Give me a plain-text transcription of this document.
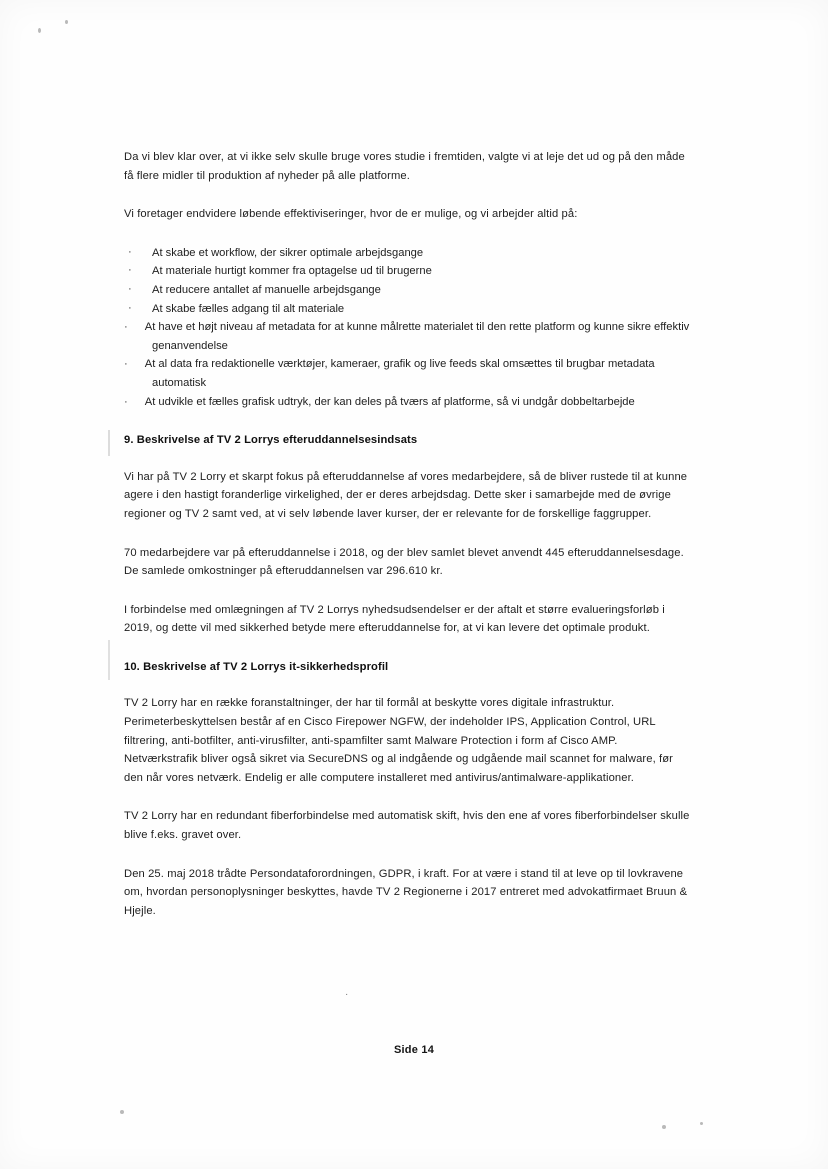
·

Da vi blev klar over, at vi ikke selv skulle bruge vores studie i fremtiden, valgte vi at leje det ud og på den måde få flere midler til produktion af nyheder på alle platforme.

Vi foretager endvidere løbende effektiviseringer, hvor de er mulige, og vi arbejder altid på:

· At skabe et workflow, der sikrer optimale arbejdsgange
· At materiale hurtigt kommer fra optagelse ud til brugerne
· At reducere antallet af manuelle arbejdsgange
· At skabe fælles adgang til alt materiale
· At have et højt niveau af metadata for at kunne målrette materialet til den rette platform og kunne sikre effektiv genanvendelse
· At al data fra redaktionelle værktøjer, kameraer, grafik og live feeds skal omsættes til brugbar metadata automatisk
· At udvikle et fælles grafisk udtryk, der kan deles på tværs af platforme, så vi undgår dobbeltarbejde
9. Beskrivelse af TV 2 Lorrys efteruddannelsesindsats

Vi har på TV 2 Lorry et skarpt fokus på efteruddannelse af vores medarbejdere, så de bliver rustede til at kunne agere i den hastigt foranderlige virkelighed, der er deres arbejdsdag. Dette sker i samarbejde med de øvrige regioner og TV 2 samt ved, at vi selv løbende laver kurser, der er relevante for de forskellige faggrupper.

70 medarbejdere var på efteruddannelse i 2018, og der blev samlet blevet anvendt 445 efteruddannelsesdage. De samlede omkostninger på efteruddannelsen var 296.610 kr.

I forbindelse med omlægningen af TV 2 Lorrys nyhedsudsendelser er der aftalt et større evalueringsforløb i 2019, og dette vil med sikkerhed betyde mere efteruddannelse for, at vi kan levere det optimale produkt.

10. Beskrivelse af TV 2 Lorrys it-sikkerhedsprofil

TV 2 Lorry har en række foranstaltninger, der har til formål at beskytte vores digitale infrastruktur. Perimeterbeskyttelsen består af en Cisco Firepower NGFW, der indeholder IPS, Application Control, URL filtrering, anti-botfilter, anti-virusfilter, anti-spamfilter samt Malware Protection i form af Cisco AMP. Netværkstrafik bliver også sikret via SecureDNS og al indgående og udgående mail scannet for malware, før den når vores netværk. Endelig er alle computere installeret med antivirus/antimalware-applikationer.

TV 2 Lorry har en redundant fiberforbindelse med automatisk skift, hvis den ene af vores fiberforbindelser skulle blive f.eks. gravet over.

Den 25. maj 2018 trådte Persondataforordningen, GDPR, i kraft. For at være i stand til at leve op til lovkravene om, hvordan personoplysninger beskyttes, havde TV 2 Regionerne i 2017 entreret med advokatfirmaet Bruun & Hjejle.

Side 14
